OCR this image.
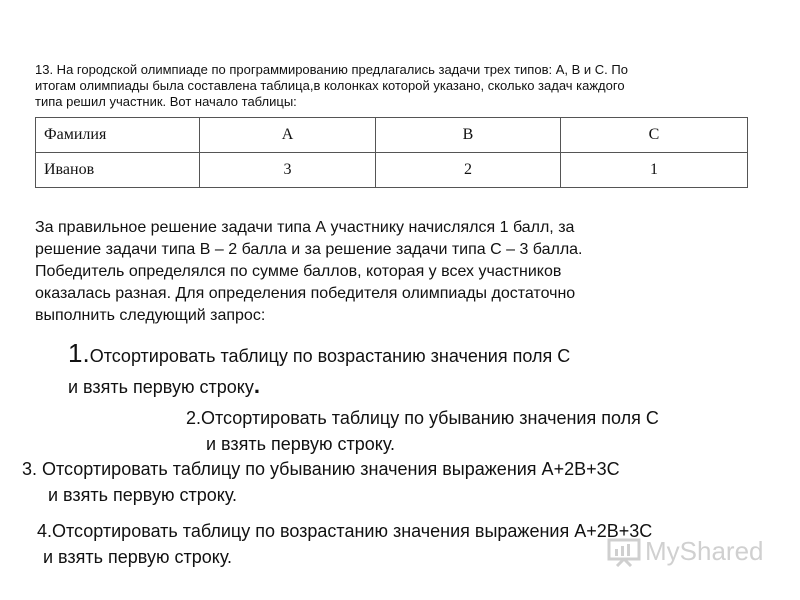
13. На городской олимпиаде по программированию предлагались задачи трех типов: А, В и С. По
итогам олимпиады была составлена таблица,в колонках которой указано, сколько задач каждого
типа решил участник. Вот начало таблицы:
Фамилия	A	B	C
Иванов	3	2	1
За правильное решение задачи типа А участнику начислялся 1 балл, за
решение задачи типа В – 2 балла и за решение задачи типа С – 3 балла.
Победитель определялся по сумме баллов, которая у всех участников
оказалась разная. Для определения победителя олимпиады достаточно
выполнить следующий запрос:
1.Отсортировать таблицу по возрастанию значения поля С
и взять первую строку.
2.Отсортировать таблицу по убыванию значения поля С
и взять первую строку.
3. Отсортировать таблицу по убыванию значения выражения А+2В+3С
и взять первую строку.
4.Отсортировать таблицу по возрастанию значения выражения А+2В+3С
и взять первую строку.	MyShared
